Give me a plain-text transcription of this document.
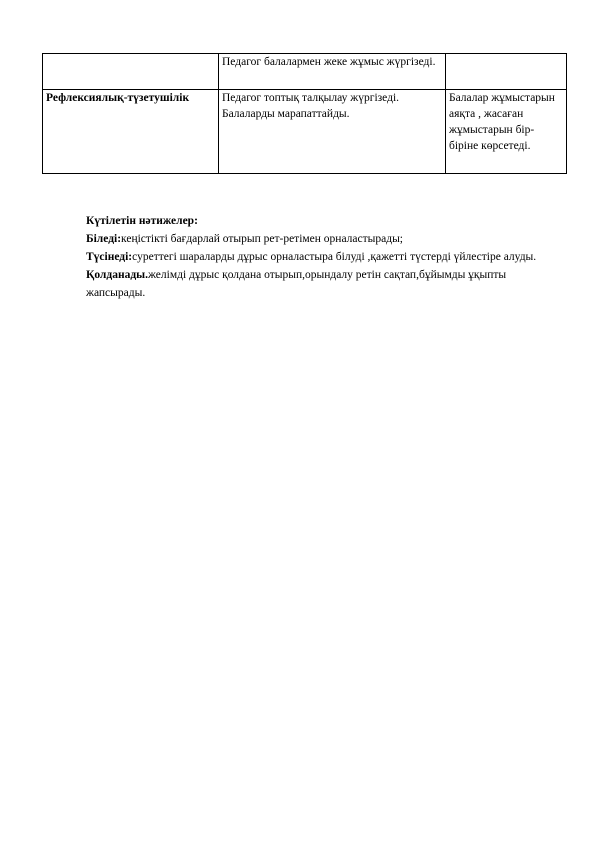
	Педагог балалармен жеке жұмыс жүргізеді.	
Рефлексиялық-түзетушілік	Педагог топтық талқылау жүргізеді. Балаларды марапаттайды.	Балалар жұмыстарын аяқта , жасаған жұмыстарын бір-біріне көрсетеді.

Күтілетін нәтижелер:

Біледі:кеңістікті бағдарлай отырып рет-ретімен орналастырады;

Түсінеді:суреттегі шараларды дұрыс орналастыра білуді ,қажетті түстерді үйлестіре алуды.

Қолданады.желімді дұрыс қолдана отырып,орындалу ретін сақтап,бұйымды ұқыпты жапсырады.
